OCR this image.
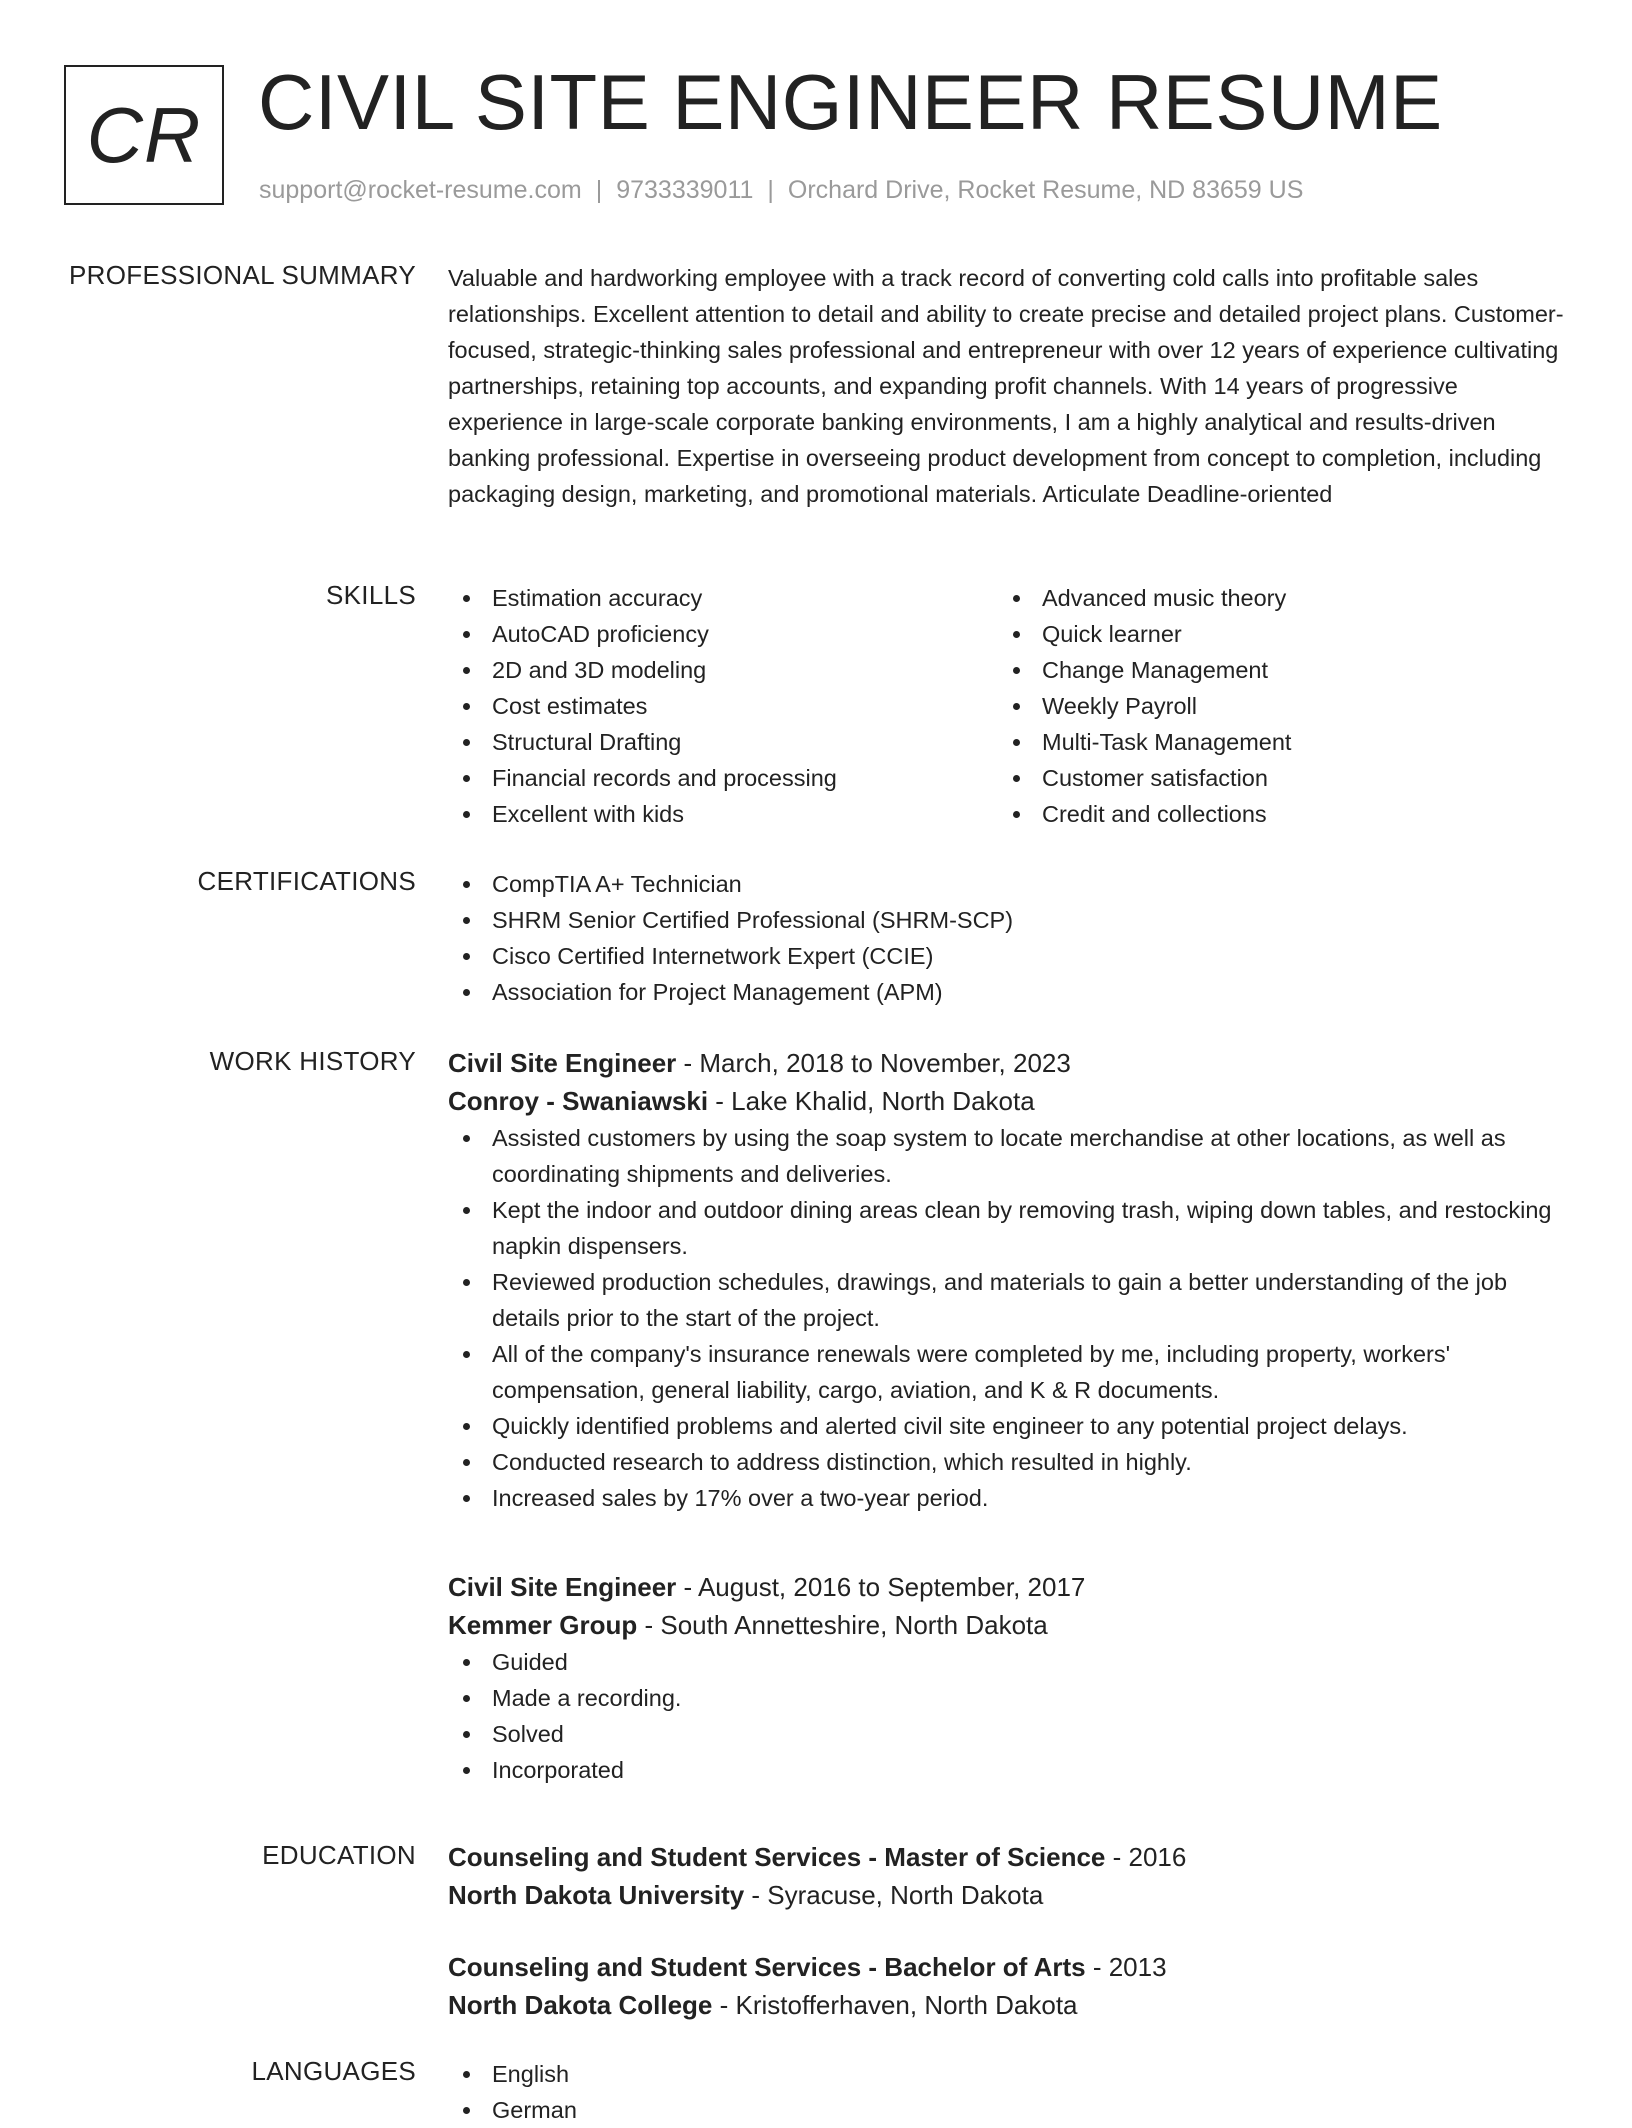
CR CIVIL SITE ENGINEER RESUME
support@rocket-resume.com | 9733339011 | Orchard Drive, Rocket Resume, ND 83659 US
PROFESSIONAL SUMMARY Valuable and hardworking employee with a track record of converting cold calls into profitable sales relationships. Excellent attention to detail and ability to create precise and detailed project plans. Customer-focused, strategic-thinking sales professional and entrepreneur with over 12 years of experience cultivating partnerships, retaining top accounts, and expanding profit channels. With 14 years of progressive experience in large-scale corporate banking environments, I am a highly analytical and results-driven banking professional. Expertise in overseeing product development from concept to completion, including packaging design, marketing, and promotional materials. Articulate Deadline-oriented

SKILLS	Estimation accuracy
AutoCAD proficiency
2D and 3D modeling
Cost estimates
Structural Drafting
Financial records and processing
Excellent with kids
Advanced music theory
Quick learner
Change Management
Weekly Payroll
Multi-Task Management
Customer satisfaction
Credit and collections
CERTIFICATIONS	CompTIA A+ Technician
SHRM Senior Certified Professional (SHRM-SCP)
Cisco Certified Internetwork Expert (CCIE)
Association for Project Management (APM)
WORK HISTORY Civil Site Engineer - March, 2018 to November, 2023
Conroy - Swaniawski - Lake Khalid, North Dakota
Assisted customers by using the soap system to locate merchandise at other locations, as well as coordinating shipments and deliveries.
Kept the indoor and outdoor dining areas clean by removing trash, wiping down tables, and restocking napkin dispensers.
Reviewed production schedules, drawings, and materials to gain a better understanding of the job details prior to the start of the project.
All of the company's insurance renewals were completed by me, including property, workers' compensation, general liability, cargo, aviation, and K & R documents.
Quickly identified problems and alerted civil site engineer to any potential project delays.
Conducted research to address distinction, which resulted in highly.
Increased sales by 17% over a two-year period.
Civil Site Engineer - August, 2016 to September, 2017
Kemmer Group - South Annetteshire, North Dakota
Guided
Made a recording.
Solved
Incorporated
EDUCATION Counseling and Student Services - Master of Science - 2016
North Dakota University - Syracuse, North Dakota
Counseling and Student Services - Bachelor of Arts - 2013
North Dakota College - Kristofferhaven, North Dakota
LANGUAGES	English
German
